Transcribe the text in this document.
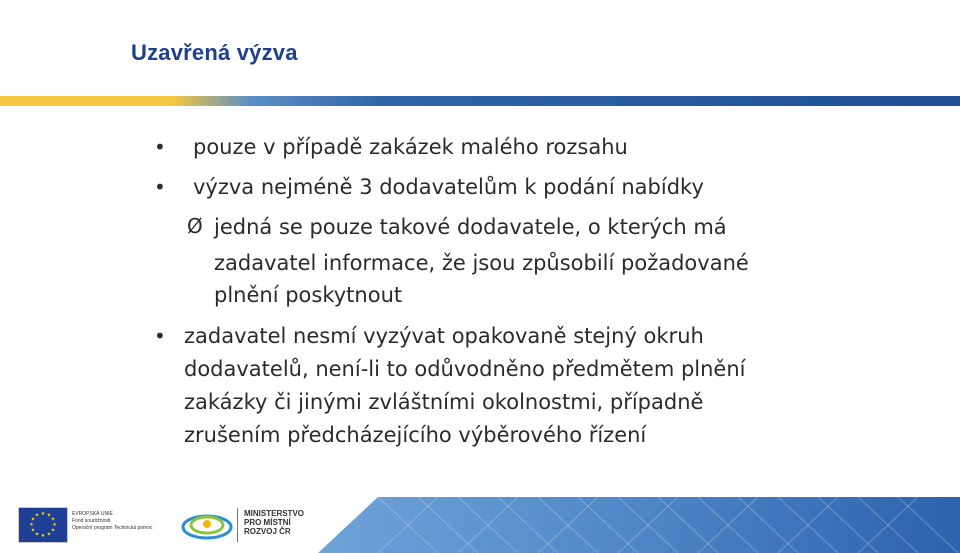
Uzavřená výzva
• pouze v případě zakázek malého rozsahu
• výzva nejméně 3 dodavatelům k podání nabídky
Ø jedná se pouze takové dodavatele, o kterých má
zadavatel informace, že jsou způsobilí požadované
plnění poskytnout
• zadavatel nesmí vyzývat opakovaně stejný okruh
dodavatelů, není-li to odůvodněno předmětem plnění
zakázky či jinými zvláštními okolnostmi, případně
zrušením předcházejícího výběrového řízení
★ ★
★
★
★
★
★
★
★
★
★
★	EVROPSKÁ UNIE
Fond soudržnosti
Operační program Technická pomoc
MINISTERSTVO
PRO MÍSTNÍ
ROZVOJ ČR
